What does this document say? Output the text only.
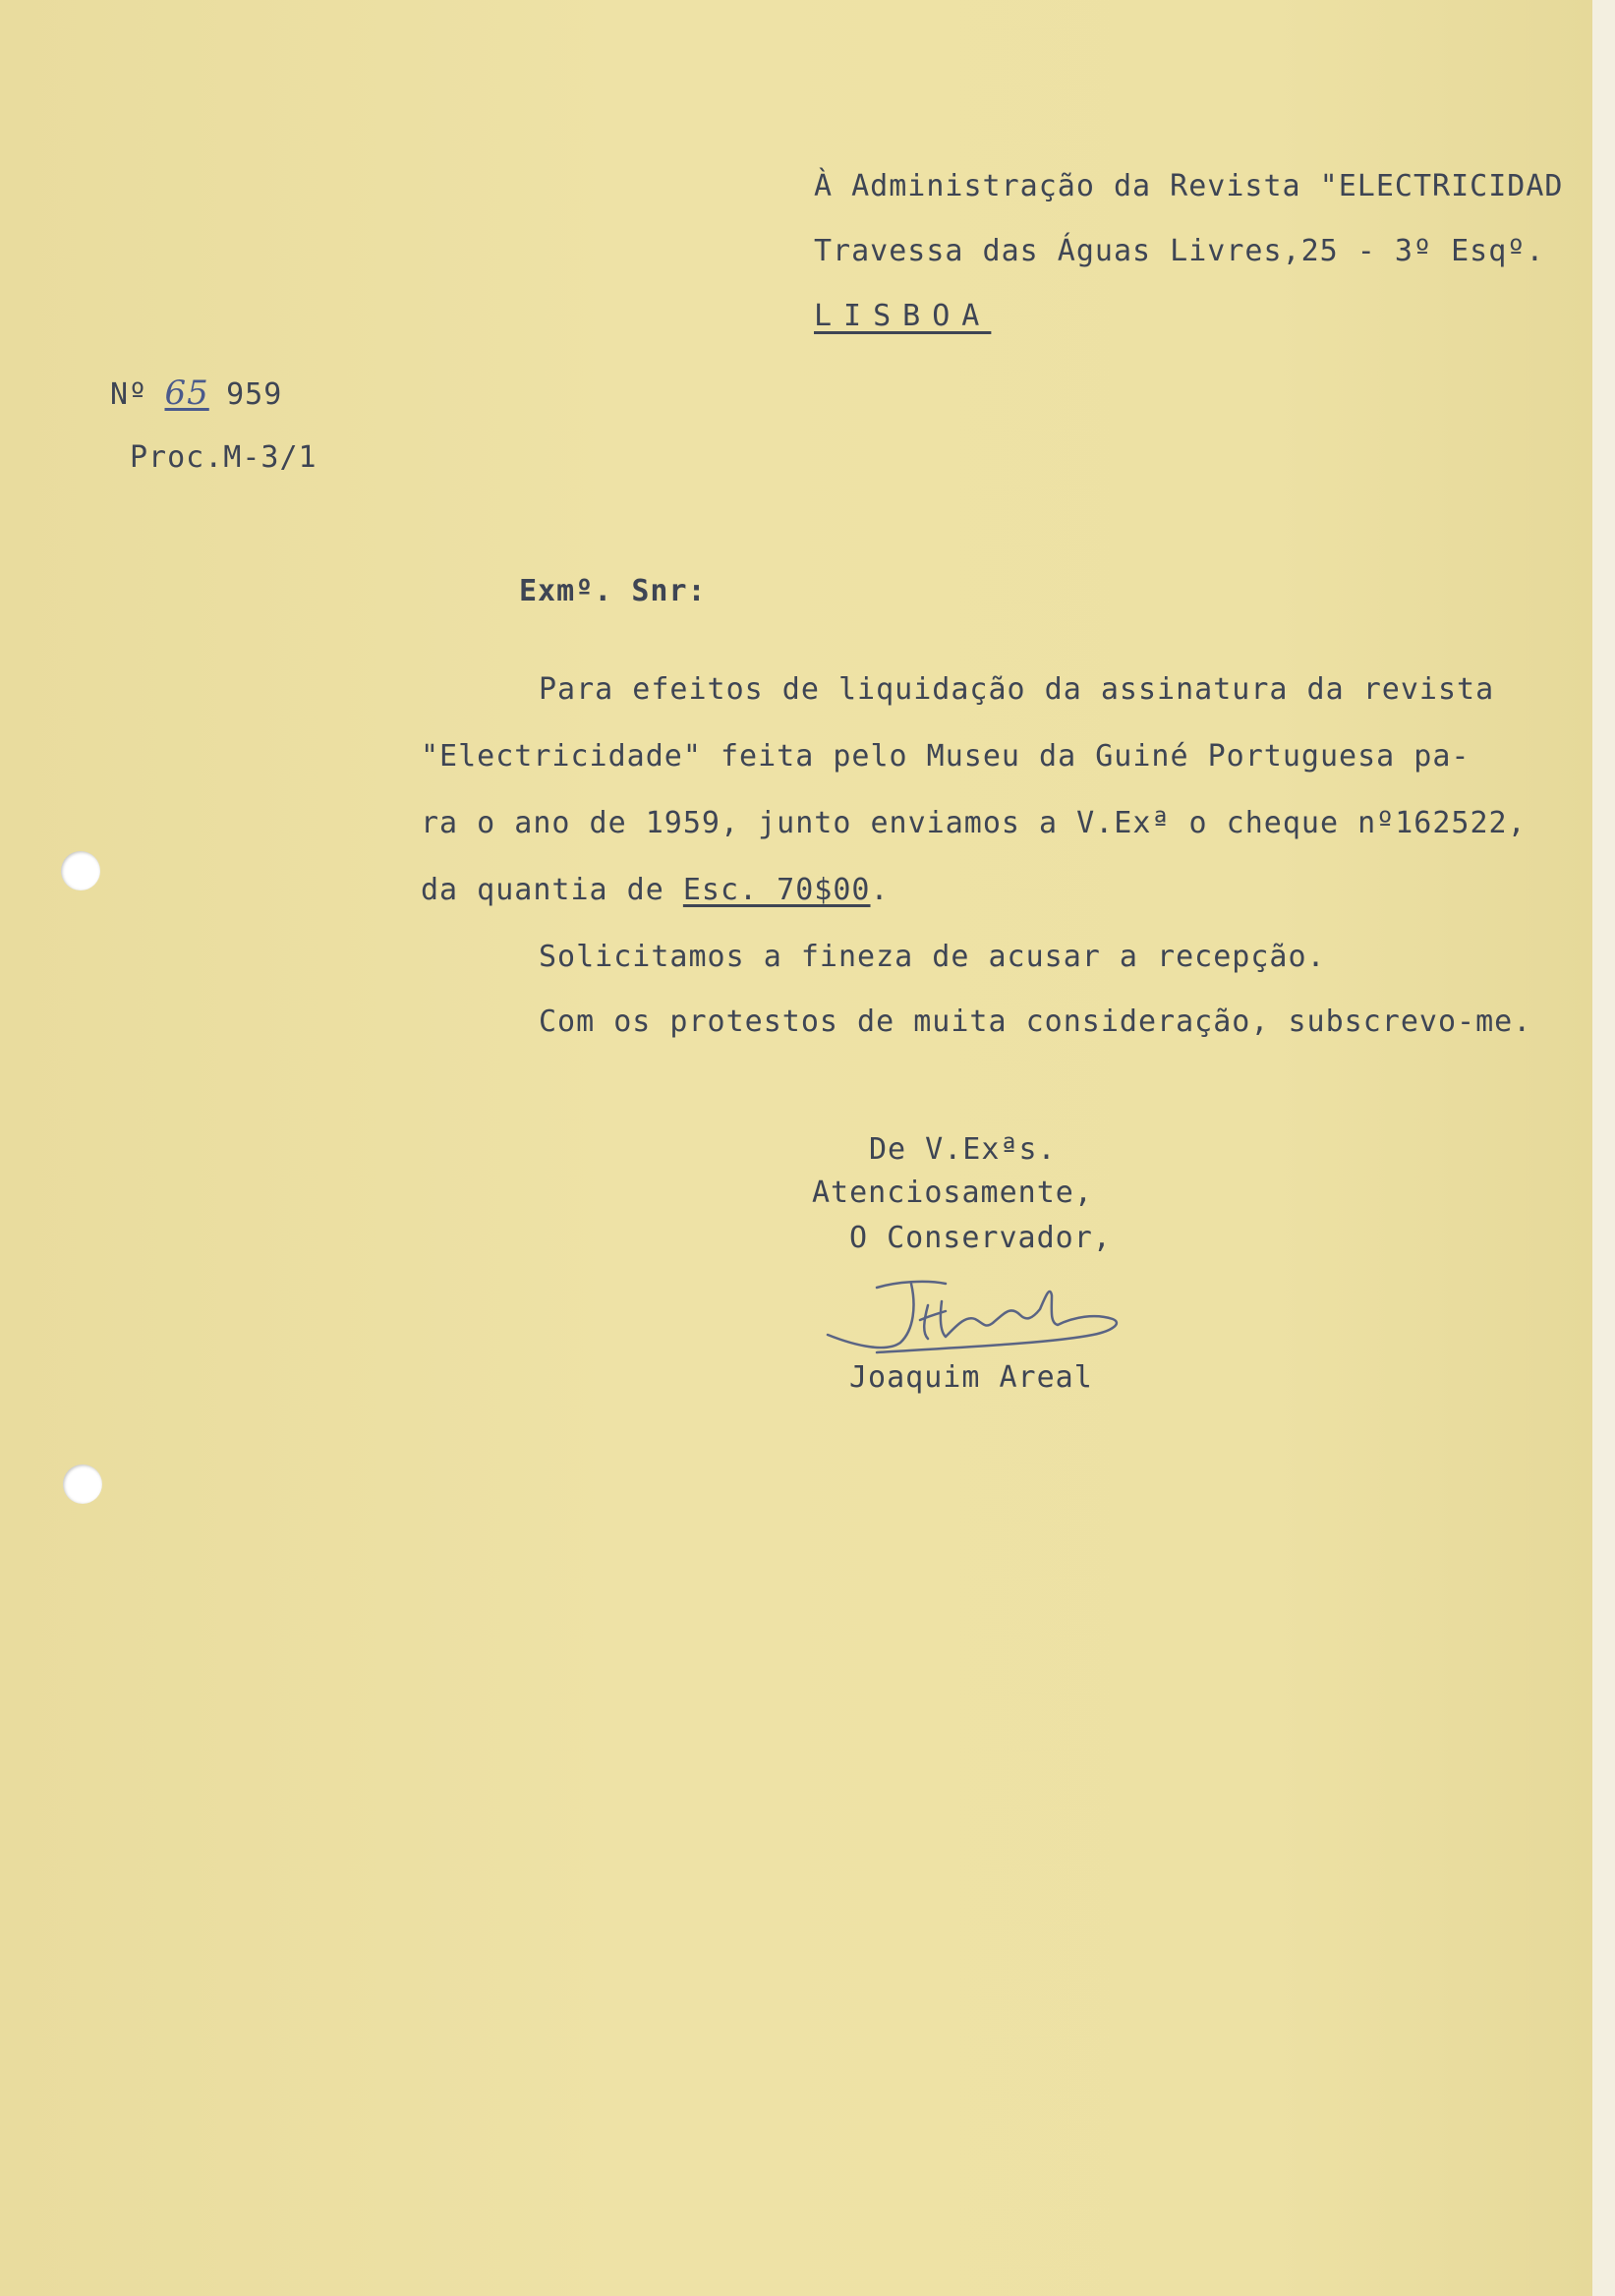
À Administração da Revista "ELECTRICIDAD
Travessa das Águas Livres,25 - 3º Esqº.
LISBOA
Nº 65 959
Proc.M-3/1
Exmº. Snr:
Para efeitos de liquidação da assinatura da revista
"Electricidade" feita pelo Museu da Guiné Portuguesa pa-
ra o ano de 1959, junto enviamos a V.Exª o cheque nº162522,
da quantia de Esc. 70$00.
Solicitamos a fineza de acusar a recepção.
Com os protestos de muita consideração, subscrevo-me.
De V.Exªs.
Atenciosamente,
O Conservador,
Joaquim Areal
